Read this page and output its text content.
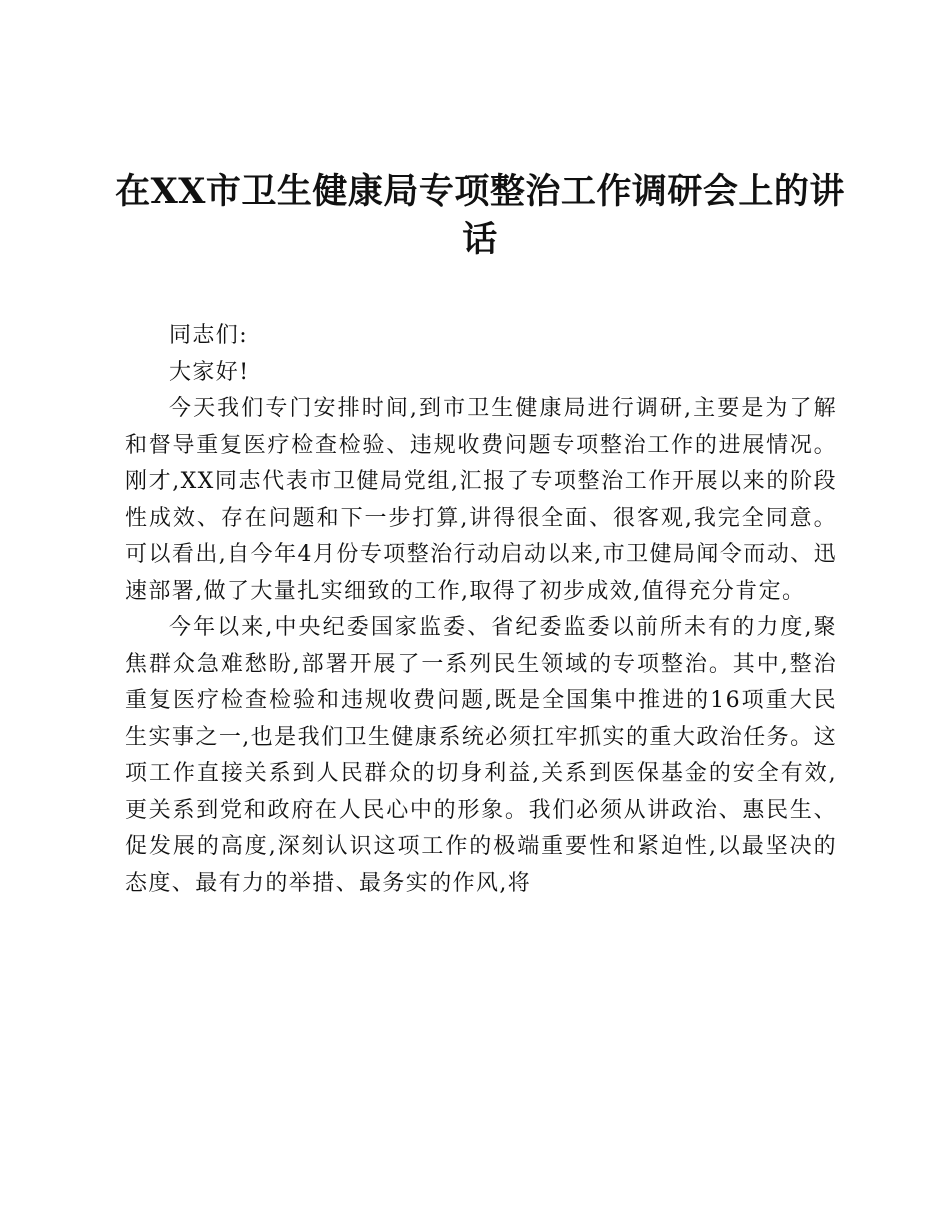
在XX市卫生健康局专项整治工作调研会上的讲话

同志们:

大家好!

今天我们专门安排时间,到市卫生健康局进行调研,主要是为了解和督导重复医疗检查检验、违规收费问题专项整治工作的进展情况。刚才,XX同志代表市卫健局党组,汇报了专项整治工作开展以来的阶段性成效、存在问题和下一步打算,讲得很全面、很客观,我完全同意。可以看出,自今年4月份专项整治行动启动以来,市卫健局闻令而动、迅速部署,做了大量扎实细致的工作,取得了初步成效,值得充分肯定。

今年以来,中央纪委国家监委、省纪委监委以前所未有的力度,聚焦群众急难愁盼,部署开展了一系列民生领域的专项整治。其中,整治重复医疗检查检验和违规收费问题,既是全国集中推进的16项重大民生实事之一,也是我们卫生健康系统必须扛牢抓实的重大政治任务。这项工作直接关系到人民群众的切身利益,关系到医保基金的安全有效,更关系到党和政府在人民心中的形象。我们必须从讲政治、惠民生、促发展的高度,深刻认识这项工作的极端重要性和紧迫性,以最坚决的态度、最有力的举措、最务实的作风,将
